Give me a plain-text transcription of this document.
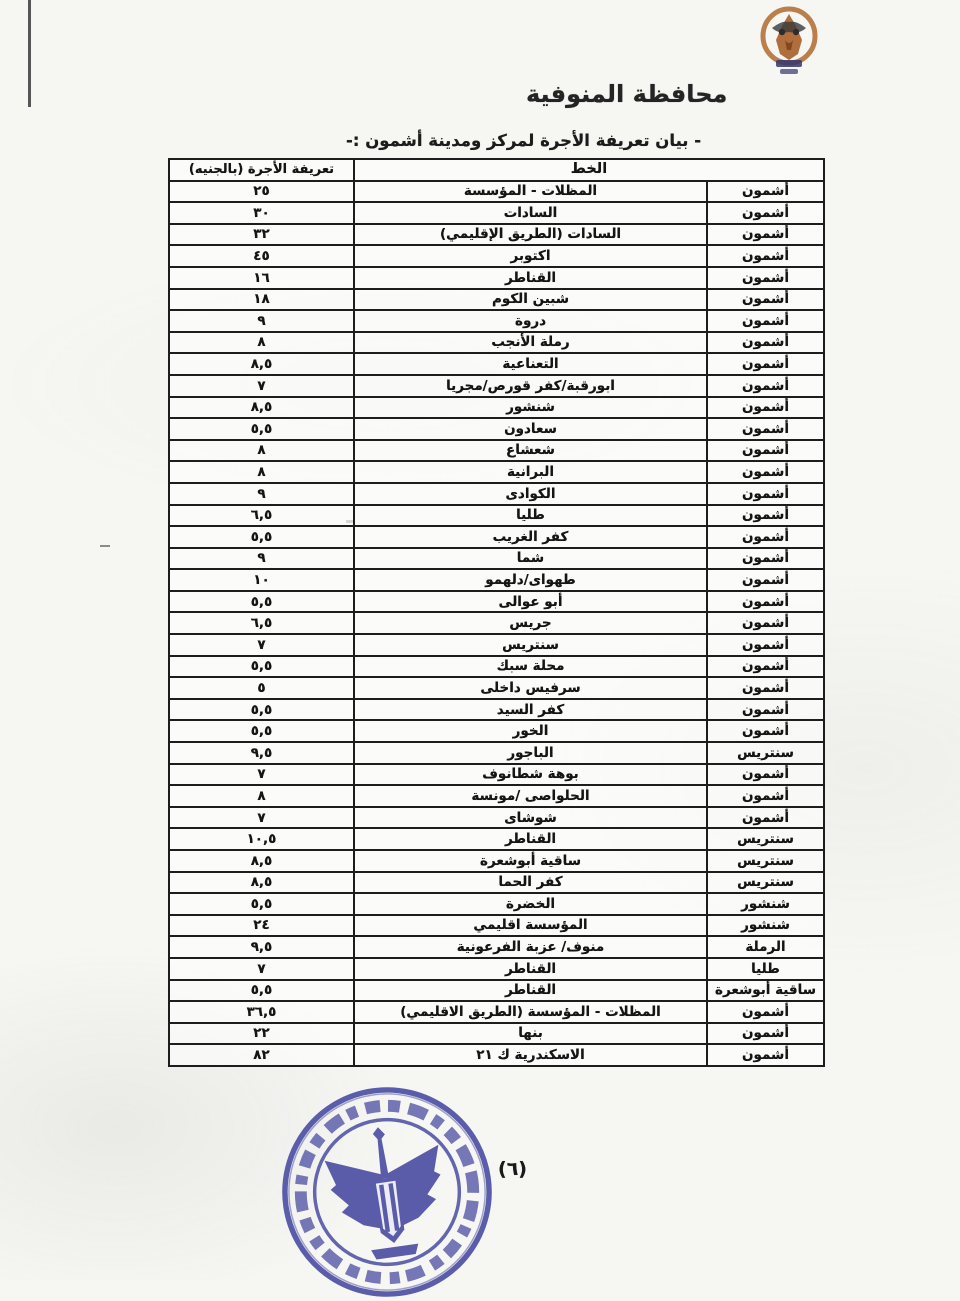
محافظة المنوفية
- بيان تعريفة الأجرة لمركز ومدينة أشمون :-
الخط		تعريفة الأجرة (بالجنيه)
أشمون	المظلات - المؤسسة	٢٥
أشمون	السادات	٣٠
أشمون	السادات (الطريق الإقليمي)	٣٢
أشمون	اكتوبر	٤٥
أشمون	القناطر	١٦
أشمون	شبين الكوم	١٨
أشمون	دروة	٩
أشمون	رملة الأنجب	٨
أشمون	التعناعية	٨,٥
أشمون	ابورقبة/كفر قورص/مجريا	٧
أشمون	شنشور	٨,٥
أشمون	سعادون	٥,٥
أشمون	شعشاع	٨
أشمون	البرانية	٨
أشمون	الكوادى	٩
أشمون	طليا	٦,٥
أشمون	كفر الغريب	٥,٥
أشمون	شما	٩
أشمون	طهواى/دلهمو	١٠
أشمون	أبو عوالى	٥,٥
أشمون	جريس	٦,٥
أشمون	سنتريس	٧
أشمون	محلة سبك	٥,٥
أشمون	سرفيس داخلى	٥
أشمون	كفر السيد	٥,٥
أشمون	الخور	٥,٥
سنتريس	الباجور	٩,٥
أشمون	بوهة شطانوف	٧
أشمون	الحلواصى /مونسة	٨
أشمون	شوشاى	٧
سنتريس	القناطر	١٠,٥
سنتريس	ساقية أبوشعرة	٨,٥
سنتريس	كفر الحما	٨,٥
شنشور	الخضرة	٥,٥
شنشور	المؤسسة اقليمي	٢٤
الرملة	منوف/ عزبة الفرعونية	٩,٥
طليا	القناطر	٧
ساقية أبوشعرة	القناطر	٥,٥
أشمون	المظلات - المؤسسة (الطريق الاقليمي)	٣٦,٥
أشمون	بنها	٢٢
أشمون	الاسكندرية ك ٢١	٨٢
(٦)
